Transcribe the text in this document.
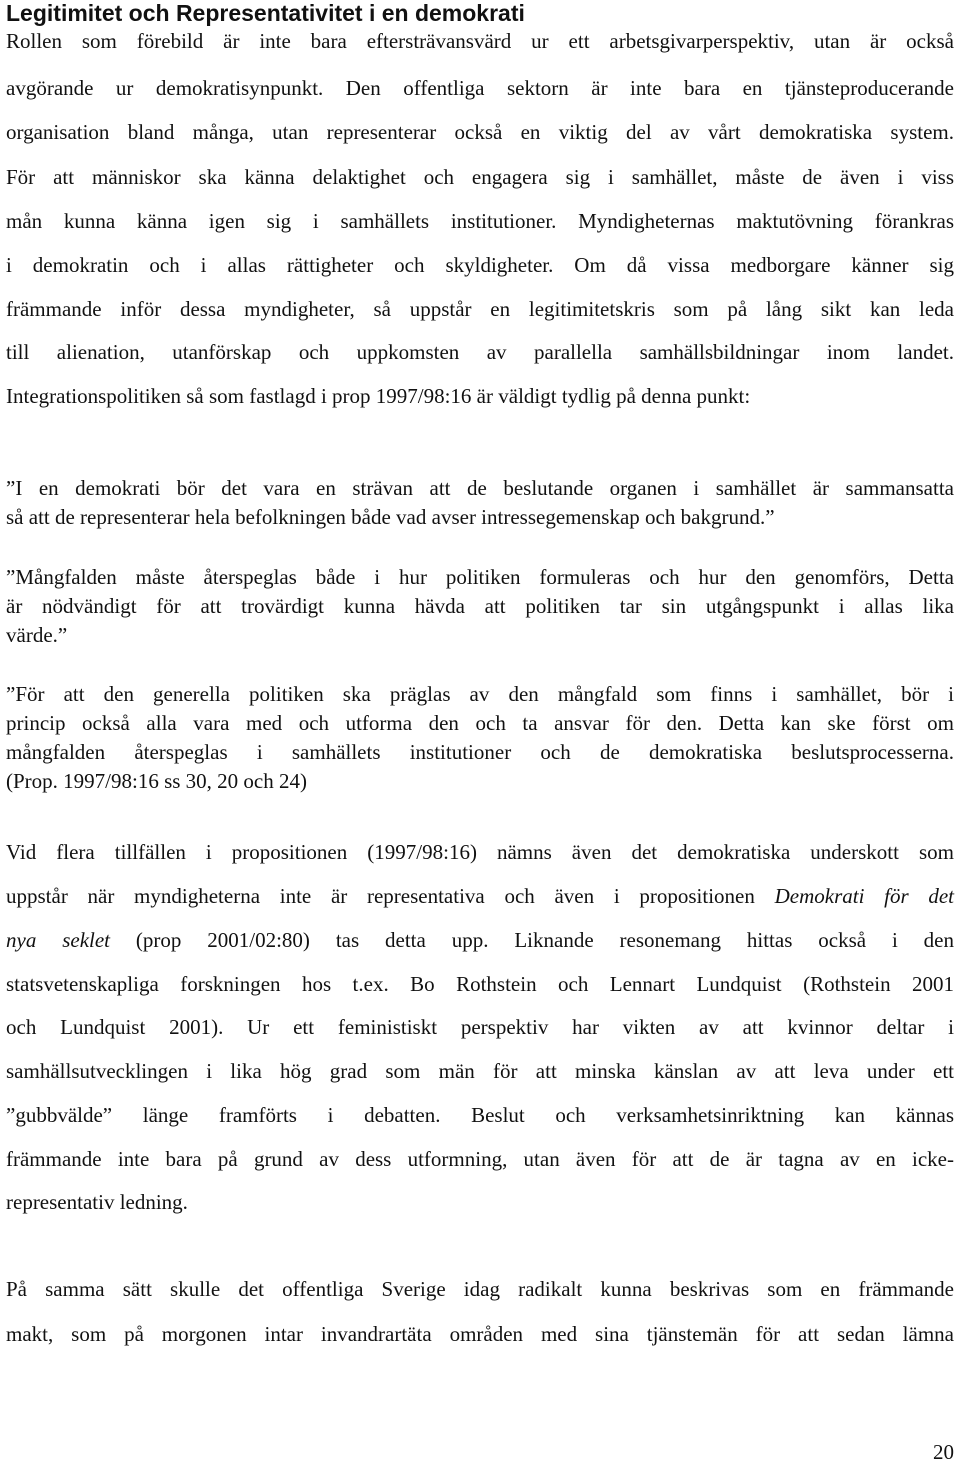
Legitimitet och Representativitet i en demokrati

Rollen som förebild är inte bara eftersträvansvärd ur ett arbetsgivarperspektiv, utan är också

avgörande ur demokratisynpunkt. Den offentliga sektorn är inte bara en tjänsteproducerande

organisation bland många, utan representerar också en viktig del av vårt demokratiska system.

För att människor ska känna delaktighet och engagera sig i samhället, måste de även i viss

mån kunna känna igen sig i samhällets institutioner. Myndigheternas maktutövning förankras

i demokratin och i allas rättigheter och skyldigheter. Om då vissa medborgare känner sig

främmande inför dessa myndigheter, så uppstår en legitimitetskris som på lång sikt kan leda

till alienation, utanförskap och uppkomsten av parallella samhällsbildningar inom landet.

Integrationspolitiken så som fastlagd i prop 1997/98:16 är väldigt tydlig på denna punkt:

”I en demokrati bör det vara en strävan att de beslutande organen i samhället är sammansatta

så att de representerar hela befolkningen både vad avser intressegemenskap och bakgrund.”

”Mångfalden måste återspeglas både i hur politiken formuleras och hur den genomförs, Detta

är nödvändigt för att trovärdigt kunna hävda att politiken tar sin utgångspunkt i allas lika

värde.”

”För att den generella politiken ska präglas av den mångfald som finns i samhället, bör i

princip också alla vara med och utforma den och ta ansvar för den. Detta kan ske först om

mångfalden återspeglas i samhällets institutioner och de demokratiska beslutsprocesserna.

(Prop. 1997/98:16 ss 30, 20 och 24)

Vid flera tillfällen i propositionen (1997/98:16) nämns även det demokratiska underskott som

uppstår när myndigheterna inte är representativa och även i propositionen Demokrati för det

nya seklet (prop 2001/02:80) tas detta upp. Liknande resonemang hittas också i den

statsvetenskapliga forskningen hos t.ex. Bo Rothstein och Lennart Lundquist (Rothstein 2001

och Lundquist 2001). Ur ett feministiskt perspektiv har vikten av att kvinnor deltar i

samhällsutvecklingen i lika hög grad som män för att minska känslan av att leva under ett

”gubbvälde” länge framförts i debatten. Beslut och verksamhetsinriktning kan kännas

främmande inte bara på grund av dess utformning, utan även för att de är tagna av en icke-

representativ ledning.

På samma sätt skulle det offentliga Sverige idag radikalt kunna beskrivas som en främmande

makt, som på morgonen intar invandrartäta områden med sina tjänstemän för att sedan lämna

20
